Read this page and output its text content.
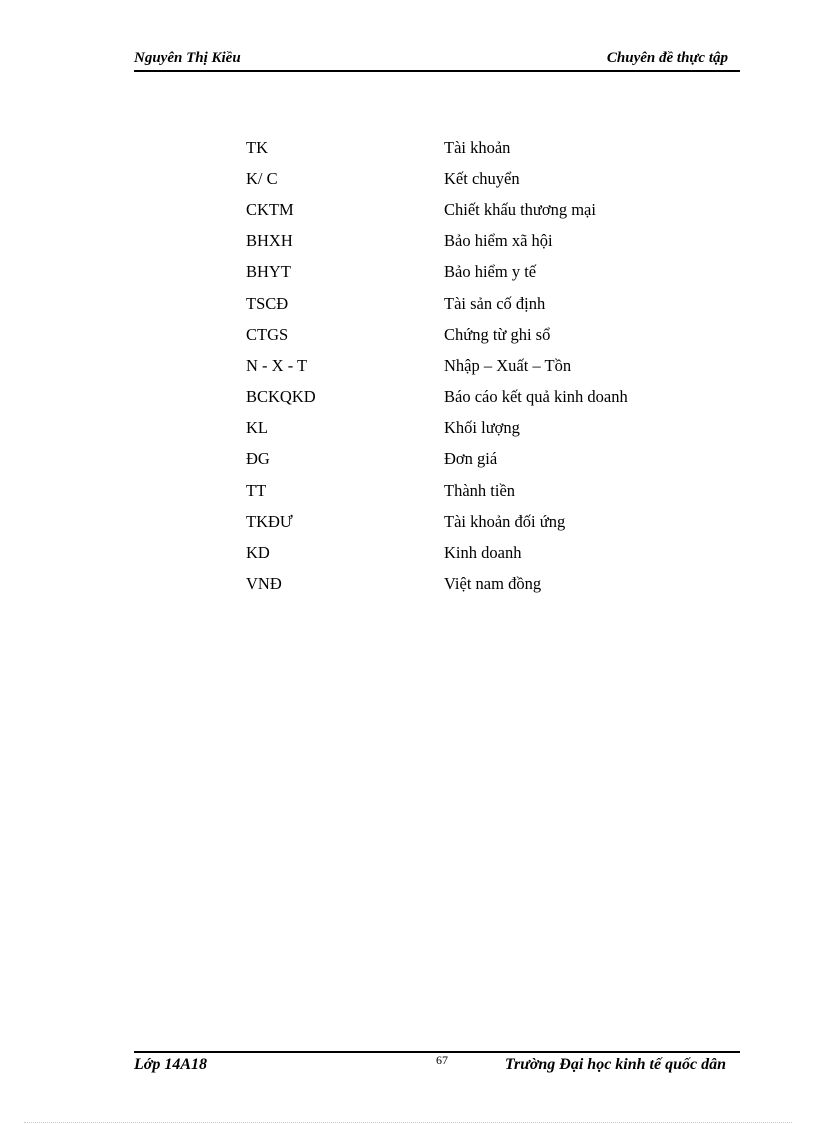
Nguyên Thị Kiều	Chuyên đề thực tập
TK	Tài khoản
K/ C	Kết chuyển
CKTM	Chiết khấu thương mại
BHXH	Bảo hiểm xã hội
BHYT	Bảo hiểm y tế
TSCĐ	Tài sản cố định
CTGS	Chứng từ ghi sổ
N - X - T	Nhập – Xuất – Tồn
BCKQKD	Báo cáo kết quả kinh doanh
KL	Khối lượng
ĐG	Đơn giá
TT	Thành tiền
TKĐƯ	Tài khoản đối ứng
KD	Kinh doanh
VNĐ	Việt nam đồng
Lớp 14A18	67	Trường Đại học kinh tế quốc dân
